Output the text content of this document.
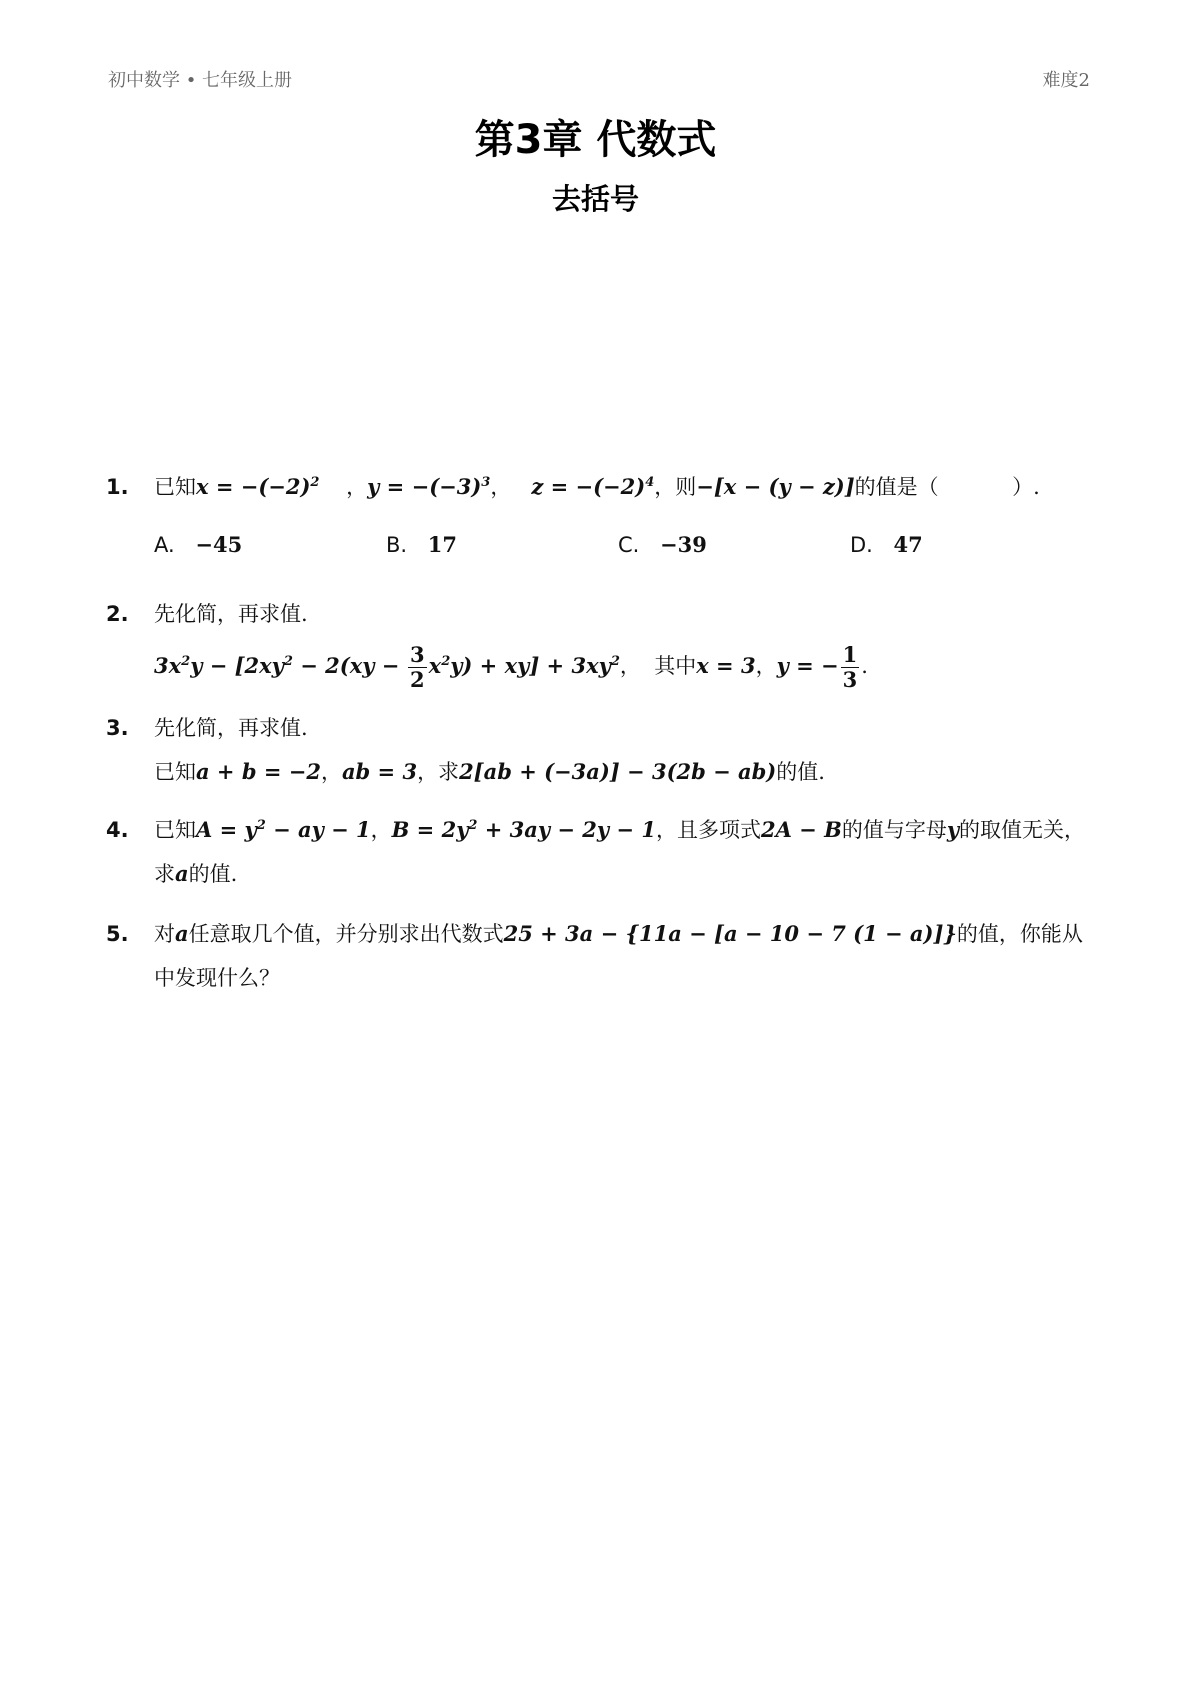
初中数学 • 七年级上册	难度2
第3章 代数式
去括号
1. 已知$x = -(-2)^2$    ，$y = -(-3)^3$，   $z = -(-2)^4$，则−[x − (y − z)]的值是（           ）.
A. −45	B. 17	C. −39	D. 47
2. 先化简，再求值.
$3x^2y - [2xy^2 - 2(xy - \frac{3}{2} x^2y) + xy] + 3xy^2$，  其中x = 3，y = − $\frac{1}{3}$ .
3. 先化简，再求值.
已知a + b = −2，ab = 3，求2[ab + (−3a)] − 3(2b − ab)的值.
4. 已知$A = y^2$ − ay − 1，$B = 2y^2 + 3ay - 2y - 1$，且多项式2A − B的值与字母y的取值无关，求a的值.
5. 对a任意取几个值，并分别求出代数式25 + 3a − {11a − [a − 10 − 7 (1 − a)]}的值，你能从中发现什么？
